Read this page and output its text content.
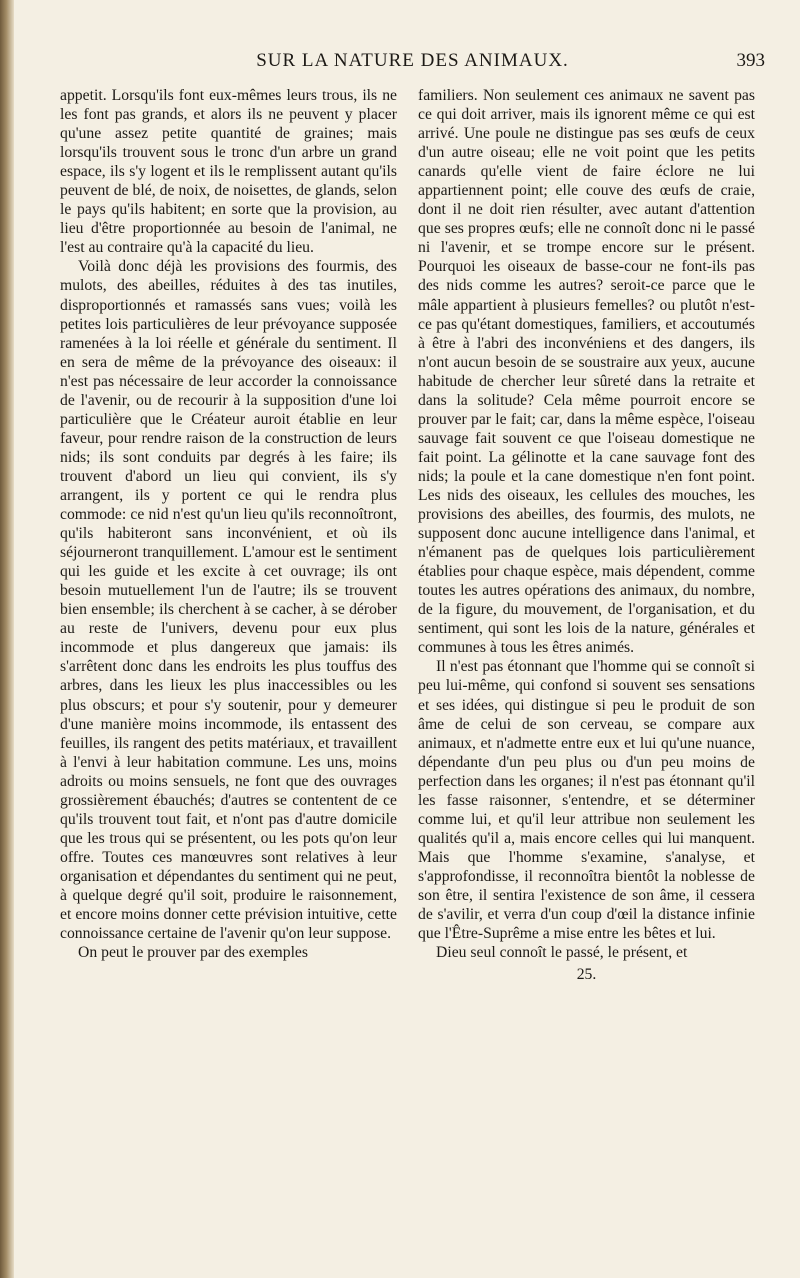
SUR LA NATURE DES ANIMAUX.	393

appetit. Lorsqu'ils font eux-mêmes leurs trous, ils ne les font pas grands, et alors ils ne peuvent y placer qu'une assez petite quantité de graines; mais lorsqu'ils trouvent sous le tronc d'un arbre un grand espace, ils s'y logent et ils le remplissent autant qu'ils peuvent de blé, de noix, de noisettes, de glands, selon le pays qu'ils habitent; en sorte que la provision, au lieu d'être proportionnée au besoin de l'animal, ne l'est au contraire qu'à la capacité du lieu.

Voilà donc déjà les provisions des fourmis, des mulots, des abeilles, réduites à des tas inutiles, disproportionnés et ramassés sans vues; voilà les petites lois particulières de leur prévoyance supposée ramenées à la loi réelle et générale du sentiment. Il en sera de même de la prévoyance des oiseaux: il n'est pas nécessaire de leur accorder la connoissance de l'avenir, ou de recourir à la supposition d'une loi particulière que le Créateur auroit établie en leur faveur, pour rendre raison de la construction de leurs nids; ils sont conduits par degrés à les faire; ils trouvent d'abord un lieu qui convient, ils s'y arrangent, ils y portent ce qui le rendra plus commode: ce nid n'est qu'un lieu qu'ils reconnoîtront, qu'ils habiteront sans inconvénient, et où ils séjourneront tranquillement. L'amour est le sentiment qui les guide et les excite à cet ouvrage; ils ont besoin mutuellement l'un de l'autre; ils se trouvent bien ensemble; ils cherchent à se cacher, à se dérober au reste de l'univers, devenu pour eux plus incommode et plus dangereux que jamais: ils s'arrêtent donc dans les endroits les plus touffus des arbres, dans les lieux les plus inaccessibles ou les plus obscurs; et pour s'y soutenir, pour y demeurer d'une manière moins incommode, ils entassent des feuilles, ils rangent des petits matériaux, et travaillent à l'envi à leur habitation commune. Les uns, moins adroits ou moins sensuels, ne font que des ouvrages grossièrement ébauchés; d'autres se contentent de ce qu'ils trouvent tout fait, et n'ont pas d'autre domicile que les trous qui se présentent, ou les pots qu'on leur offre. Toutes ces manœuvres sont relatives à leur organisation et dépendantes du sentiment qui ne peut, à quelque degré qu'il soit, produire le raisonnement, et encore moins donner cette prévision intuitive, cette connoissance certaine de l'avenir qu'on leur suppose.

On peut le prouver par des exemples

familiers. Non seulement ces animaux ne savent pas ce qui doit arriver, mais ils ignorent même ce qui est arrivé. Une poule ne distingue pas ses œufs de ceux d'un autre oiseau; elle ne voit point que les petits canards qu'elle vient de faire éclore ne lui appartiennent point; elle couve des œufs de craie, dont il ne doit rien résulter, avec autant d'attention que ses propres œufs; elle ne connoît donc ni le passé ni l'avenir, et se trompe encore sur le présent. Pourquoi les oiseaux de basse-cour ne font-ils pas des nids comme les autres? seroit-ce parce que le mâle appartient à plusieurs femelles? ou plutôt n'est-ce pas qu'étant domestiques, familiers, et accoutumés à être à l'abri des inconvéniens et des dangers, ils n'ont aucun besoin de se soustraire aux yeux, aucune habitude de chercher leur sûreté dans la retraite et dans la solitude? Cela même pourroit encore se prouver par le fait; car, dans la même espèce, l'oiseau sauvage fait souvent ce que l'oiseau domestique ne fait point. La gélinotte et la cane sauvage font des nids; la poule et la cane domestique n'en font point. Les nids des oiseaux, les cellules des mouches, les provisions des abeilles, des fourmis, des mulots, ne supposent donc aucune intelligence dans l'animal, et n'émanent pas de quelques lois particulièrement établies pour chaque espèce, mais dépendent, comme toutes les autres opérations des animaux, du nombre, de la figure, du mouvement, de l'organisation, et du sentiment, qui sont les lois de la nature, générales et communes à tous les êtres animés.

Il n'est pas étonnant que l'homme qui se connoît si peu lui-même, qui confond si souvent ses sensations et ses idées, qui distingue si peu le produit de son âme de celui de son cerveau, se compare aux animaux, et n'admette entre eux et lui qu'une nuance, dépendante d'un peu plus ou d'un peu moins de perfection dans les organes; il n'est pas étonnant qu'il les fasse raisonner, s'entendre, et se déterminer comme lui, et qu'il leur attribue non seulement les qualités qu'il a, mais encore celles qui lui manquent. Mais que l'homme s'examine, s'analyse, et s'approfondisse, il reconnoîtra bientôt la noblesse de son être, il sentira l'existence de son âme, il cessera de s'avilir, et verra d'un coup d'œil la distance infinie que l'Être-Suprême a mise entre les bêtes et lui.

Dieu seul connoît le passé, le présent, et

25.
